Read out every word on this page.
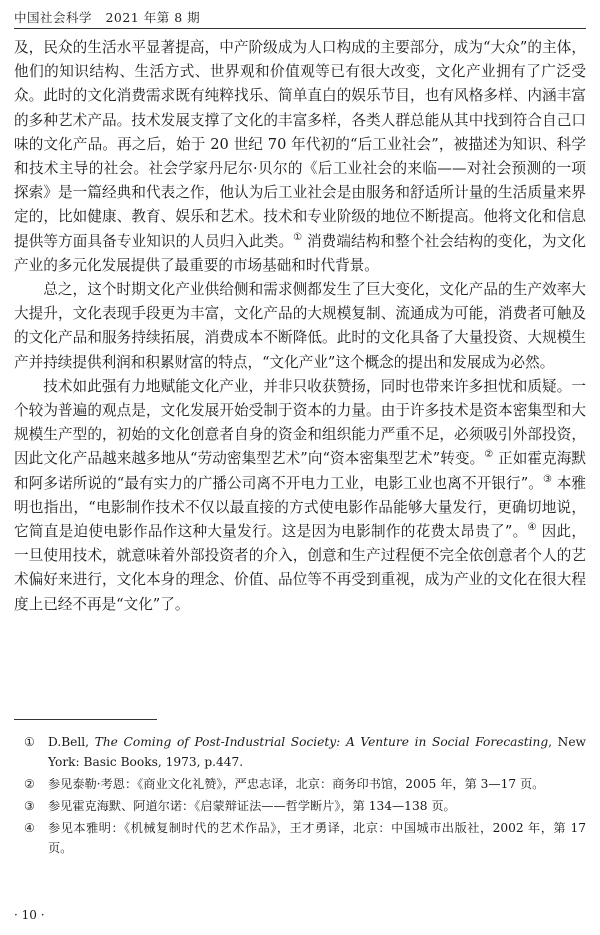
中国社会科学 2021 年第 8 期

及，民众的生活水平显著提高，中产阶级成为人口构成的主要部分，成为“大众”的主体，他们的知识结构、生活方式、世界观和价值观等已有很大改变，文化产业拥有了广泛受众。此时的文化消费需求既有纯粹找乐、简单直白的娱乐节目，也有风格多样、内涵丰富的多种艺术产品。技术发展支撑了文化的丰富多样，各类人群总能从其中找到符合自己口味的文化产品。再之后，始于 20 世纪 70 年代初的“后工业社会”，被描述为知识、科学和技术主导的社会。社会学家丹尼尔·贝尔的《后工业社会的来临——对社会预测的一项探索》是一篇经典和代表之作，他认为后工业社会是由服务和舒适所计量的生活质量来界定的，比如健康、教育、娱乐和艺术。技术和专业阶级的地位不断提高。他将文化和信息提供等方面具备专业知识的人员归入此类。① 消费端结构和整个社会结构的变化，为文化产业的多元化发展提供了最重要的市场基础和时代背景。

总之，这个时期文化产业供给侧和需求侧都发生了巨大变化，文化产品的生产效率大大提升，文化表现手段更为丰富，文化产品的大规模复制、流通成为可能，消费者可触及的文化产品和服务持续拓展，消费成本不断降低。此时的文化具备了大量投资、大规模生产并持续提供利润和积累财富的特点，“文化产业”这个概念的提出和发展成为必然。

技术如此强有力地赋能文化产业，并非只收获赞扬，同时也带来许多担忧和质疑。一个较为普遍的观点是，文化发展开始受制于资本的力量。由于许多技术是资本密集型和大规模生产型的，初始的文化创意者自身的资金和组织能力严重不足，必须吸引外部投资，因此文化产品越来越多地从“劳动密集型艺术”向“资本密集型艺术”转变。② 正如霍克海默和阿多诺所说的“最有实力的广播公司离不开电力工业，电影工业也离不开银行”。③ 本雅明也指出，“电影制作技术不仅以最直接的方式使电影作品能够大量发行，更确切地说，它简直是迫使电影作品作这种大量发行。这是因为电影制作的花费太昂贵了”。④ 因此，一旦使用技术，就意味着外部投资者的介入，创意和生产过程便不完全依创意者个人的艺术偏好来进行，文化本身的理念、价值、品位等不再受到重视，成为产业的文化在很大程度上已经不再是“文化”了。

①	D.Bell, The Coming of Post-Industrial Society: A Venture in Social Forecasting, New York: Basic Books, 1973, p.447.
②	参见泰勒·考恩：《商业文化礼赞》，严忠志译，北京：商务印书馆，2005 年，第 3—17 页。
③	参见霍克海默、阿道尔诺：《启蒙辩证法——哲学断片》，第 134—138 页。
④	参见本雅明：《机械复制时代的艺术作品》，王才勇译，北京：中国城市出版社，2002 年，第 17 页。
· 10 ·
